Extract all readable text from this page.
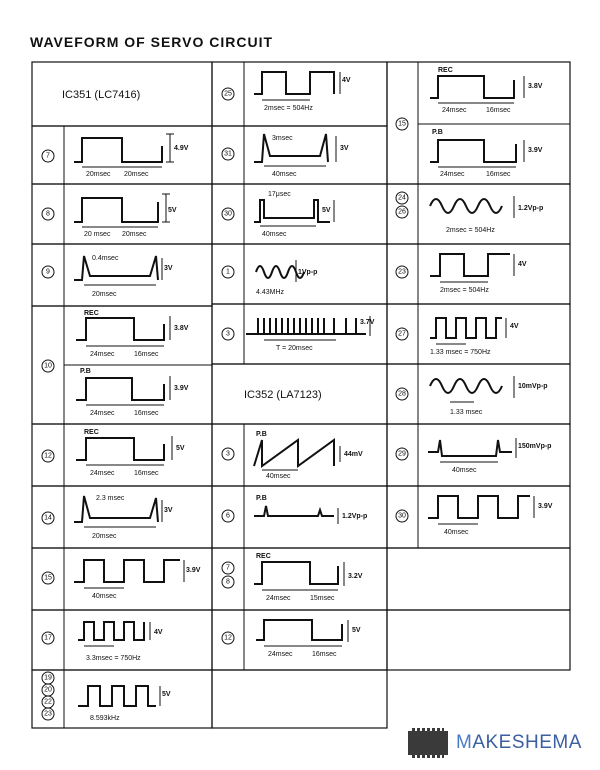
WAVEFORM OF SERVO CIRCUIT
7
8
9
10
12
14
15
17
19
20
22
23
25
31
30
1
3
3
6
7
8
12
15
24
26
23
27
28
29
30
IC351 (LC7416)
4.9V
20msec 20msec
5V
20 msec 20msec
0.4msec
3V
20msec
REC
3.8V
24msec	16msec
P.B
3.9V
24msec	16msec
REC
5V
24msec	16msec
2.3 msec
3V
20msec
3.9V
40msec
4V
3.3msec = 750Hz
5V
8.593kHz
4V
2msec = 504Hz
3msec
3V
40msec
17μsec
5V
40msec
1Vp-p
4.43MHz
3.7V
T = 20msec
IC352 (LA7123)
P.B
44mV
40msec
P.B
1.2Vp-p
REC
3.2V
24msec	15msec
5V
24msec	16msec
REC
3.8V
24msec	16msec
P.B
3.9V
24msec	16msec
1.2Vp-p
2msec = 504Hz
4V
2msec = 504Hz
4V
1.33 msec = 750Hz
10mVp-p
1.33 msec
150mVp-p
40msec
3.9V
40msec
MAKESHEMA
